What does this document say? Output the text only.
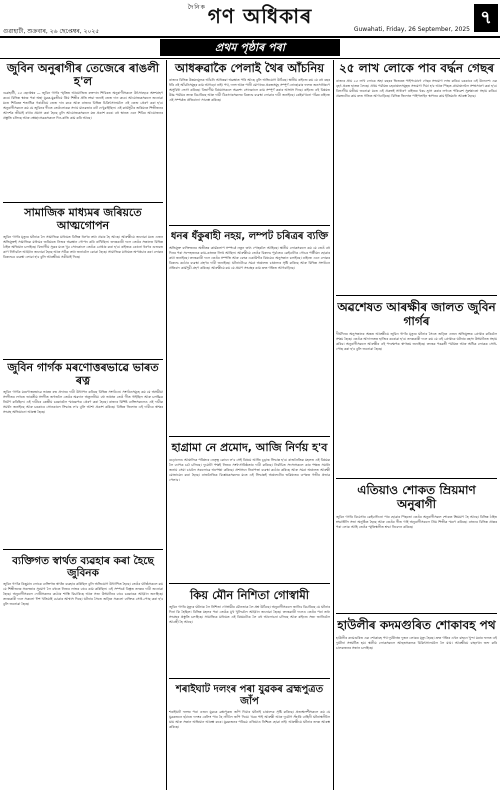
গুৱাহাটী, শুক্ৰবাৰ, ২৬ ছেপ্তেম্বৰ, ২০২৫
$^{দৈনিক}$ গণ অধিকাৰ
Guwahati, Friday, 26 September, 2025
৭
প্ৰথম পৃষ্ঠাৰ পৰা
জুবিন অনুৰাগীৰ তেজেৰে ৰাঙলী হ'ল
গুৱাহাটী, ২৫ ছেপ্তেম্বৰ — জুবিন গাৰ্গৰ স্মৃতিত আয়োজিত ৰক্তদান শিবিৰত অনুৰাগীসকলে উৎসাহেৰে অংশগ্ৰহণ কৰে। বিভিন্ন স্থানৰ পৰা অহা যুৱক-যুৱতীয়ে প্ৰিয় শিল্পীৰ প্ৰতি শ্ৰদ্ধা জনাই তেজ দান কৰে। আয়োজকসকলে জনোৱা মতে শিবিৰত শতাধিক গৰাকীয়ে তেজ দান কৰে আৰু ৰাজ্যৰ বিভিন্ন চিকিৎসালয়লৈ এই তেজ প্ৰেৰণ কৰা হ'ব। অনুৰাগীসকলে কয় যে জুবিনৰ গীতে তেওঁলোকক সদায় মানৱতাৰ বাট দেখুৱাইছিল। এই কাৰ্যসূচীৰ জৰিয়তে শিল্পীজনৰ আদৰ্শক জীয়াই ৰখাৰ প্ৰয়াস কৰা হৈছে বুলি আয়োজকসকলে মত প্ৰকাশ কৰে। বহু স্থানত এনে শিবিৰ আয়োজনৰ প্ৰস্তুতি চলিছে আৰু স্বেচ্ছাসেৱকসকলে দিন-ৰাতি কাম কৰি আছে।
সামাজিক মাধ্যমৰ জৰিয়তে আত্মগোপন
জুবিন গাৰ্গৰ মৃত্যুৰ ঘটনাক লৈ সামাজিক মাধ্যমত বিভিন্ন ধৰণৰ তথ্য প্ৰচাৰ হৈ আছে। আৰক্ষীয়ে জনোৱা মতে এজন অভিযুক্তই সামাজিক মাধ্যমৰ জৰিয়তে নিজৰ অৱস্থান গোপন কৰি ৰাখিছিল। তদন্তকাৰী দলে তেওঁৰ সন্ধানত বিভিন্ন ঠাইত অভিযান চলাইছে। বিভাগীয় সূত্ৰৰ মতে খুব সোনকালে তেওঁক গ্ৰেপ্তাৰ কৰা হ'ব। ৰাইজক কোনো ধৰণৰ গুজবত কাণ নিদিবলৈ আহ্বান জনোৱা হৈছে আৰু সঠিক তথ্য জনাবলৈ কোৱা হৈছে। সামাজিক মাধ্যমত অপপ্ৰচাৰ কৰা লোকৰ বিৰুদ্ধেও ব্যৱস্থা লোৱা হ'ব বুলি আৰক্ষীয়ে সকীয়াই দিছে।
জুবিন গাৰ্গক মৰণোত্তৰভাৱে ভাৰত ৰত্ন
জুবিন গাৰ্গক মৰণোত্তৰভাৱে ভাৰত ৰত্ন প্ৰদানৰ দাবী উত্থাপন কৰিছে বিভিন্ন সংগঠনে। সংগঠনসমূহে কয় যে অসমীয়া সংগীতৰ লগতে ভাৰতীয় সংগীত জগতলৈ তেওঁৰ অৱদান অতুলনীয়। বহু ভাষাত তেওঁ গীত গাইছিল আৰু চলচ্চিত্ৰ নিৰ্মাণ কৰিছিল। এই দাবীৰে কেন্দ্ৰীয় চৰকাৰলৈ স্মাৰকপত্ৰ প্ৰেৰণ কৰা হৈছে। ৰাজ্যৰ বিশিষ্ট ব্যক্তিসকলেও এই দাবীক সমৰ্থন জনাইছে আৰু চৰকাৰে সোনকালে সিদ্ধান্ত ল'ব বুলি আশা প্ৰকাশ কৰিছে। বিভিন্ন জিলাত এই দাবীৰে স্বাক্ষৰ সংগ্ৰহ অভিযানো আৰম্ভ হৈছে।
ব্যক্তিগত স্বাৰ্থত ব্যৱহাৰ কৰা হৈছে জুবিনক
জুবিন গাৰ্গক কিছুমান লোকে ব্যক্তিগত স্বাৰ্থত ব্যৱহাৰ কৰিছিল বুলি অভিযোগ উত্থাপিত হৈছে। তেওঁৰ ঘনিষ্ঠসকলে কয় যে শিল্পীজনৰ সৰলতাৰ সুযোগ লৈ বহুতে নিজৰ লাভৰ বাবে কাম কৰিছিল। এই সম্পৰ্কে বিস্তৃত তদন্তৰ দাবী জনোৱা হৈছে। অনুৰাগীসকলে দোষীসকলৰ কঠোৰ শাস্তি বিচাৰিছে আৰু সত্য উদ্ঘাটনৰ বাবে চৰকাৰক আহ্বান জনাইছে। তদন্তকাৰী দলে সকলো দিশ খতিয়াই চোৱাৰ আশ্বাস দিছে। ঘটনাৰ সৈতে জড়িত সকলো ব্যক্তিক সোধ-পোছ কৰা হ'ব বুলি জনোৱা হৈছে।
আধৰুৱাকৈ পেলাই থৈৰ আঁচনিয়
ৰাজ্যৰ বিভিন্ন উন্নয়নমূলক আঁচনি আধৰুৱা অৱস্থাত পৰি আছে বুলি অভিযোগ উঠিছে। স্থানীয় ৰাইজে কয় যে বহু বছৰ ধৰি এই আঁচনিসমূহৰ কাম আগবঢ়া নাই। পথ, দলং আৰু পানী যোগানৰ প্ৰকল্পসমূহ সম্পূৰ্ণ নোহোৱাৰ ফলত জনসাধাৰণে অসুবিধা ভোগ কৰিছে। বিভাগীয় বিষয়াসকলে অৱশ্যে সোনকালে কাম সম্পূৰ্ণ কৰাৰ আশ্বাস দিছে। ৰাইজে এই বিষয়ত উচ্চ পৰ্যায়ৰ তদন্ত বিচাৰিছে আৰু দায়ী ঠিকাদাৰসকলৰ বিৰুদ্ধে ব্যৱস্থা লোৱাৰ দাবী জনাইছে। কেইবাখনো গাঁৱৰ ৰাইজে এই সম্পৰ্কত প্ৰতিবাদো সাব্যস্ত কৰিছে।
ধনৰ ধঁকুৰাহী নহয়, লম্পট চৰিত্ৰৰ ব্যক্তি
অভিযুক্ত ব্যক্তিজনৰ অতীতৰ কাৰ্যকলাপ সম্পৰ্কে নতুন তথ্য পোহৰলৈ আহিছে। স্থানীয় লোকসকলে কয় যে তেওঁ বহু দিনৰ পৰা সন্দেহজনক কাম-কাজত লিপ্ত আছিল। আৰক্ষীয়ে তেওঁৰ বিৰুদ্ধে পূৰ্বতেও কেইবাটাও গোচৰ পঞ্জীয়ন হোৱাৰ কথা জনাইছে। তদন্তকাৰী দলে তেওঁৰ সম্পত্তি আৰু বেংক একাউণ্টৰ বিষয়েও অনুসন্ধান চলাইছে। ৰাইজে এনে লোকৰ বিৰুদ্ধে কঠোৰ ব্যৱস্থা গ্ৰহণৰ দাবী জনাইছে। ঘটনাটোৱে সমগ্ৰ অঞ্চলত চাঞ্চল্যৰ সৃষ্টি কৰিছে আৰু বিভিন্ন সংগঠনে প্ৰতিবাদ কাৰ্যসূচী গ্ৰহণ কৰিছে। আৰক্ষীয়ে কয় যে প্ৰমাণ সংগ্ৰহৰ কাম দ্ৰুত গতিত আগবাঢ়িছে।
হাগ্ৰামা নে প্ৰমোদ, আজি নিৰ্ণয় হ'ব
বড়োলেণ্ড আঞ্চলিক পৰিষদৰ নেতৃত্ব কোনে ল'ব সেই বিষয়ে আজি চূড়ান্ত সিদ্ধান্ত হ'ব। ৰাজনৈতিক মহলত এই বিষয়ক লৈ ব্যাপক চৰ্চা চলিছে। দুয়োটা পক্ষই নিজৰ সংখ্যাগৰিষ্ঠতাৰ দাবী কৰিছে। নিৰ্বাচিত সদস্যসকলে কাৰ পক্ষত সমৰ্থন জনায় সেয়া চাবলৈ সকলোৱে অপেক্ষা কৰিছে। প্ৰশাসনে নিৰাপত্তা ব্যৱস্থা কঠোৰ কৰিছে আৰু সমগ্ৰ অঞ্চলত আৰক্ষী মোতায়েন কৰা হৈছে। ৰাজনৈতিক বিশ্লেষকসকলৰ মতে এই সিদ্ধান্তই অঞ্চলটোৰ ভৱিষ্যতৰ ওপৰত গভীৰ প্ৰভাৱ পেলাব।
কিয় মৌন নিশিতা গোস্বামী
জুবিন গাৰ্গৰ মৃত্যুৰ ঘটনাক লৈ নিশিতা গোস্বামীৰ মৌনতাক লৈ প্ৰশ্ন উঠিছে। অনুৰাগীসকলে জানিব বিচাৰিছে যে ঘটনাৰ দিনা কি হৈছিল। বিভিন্ন মহলৰ পৰা তেওঁক মুখ খুলিবলৈ আহ্বান জনোৱা হৈছে। তদন্তকাৰী দলেও তেওঁৰ পৰা তথ্য সংগ্ৰহৰ প্ৰস্তুতি চলাইছে। সামাজিক মাধ্যমত এই বিষয়টোক লৈ বহু আলোচনা চলিছে আৰু ৰাইজে সত্য জানিবলৈ আগ্ৰহী হৈ আছে।
শৰাইঘাট দলংৰ পৰা যুৱকৰ ব্ৰহ্মপুত্ৰত জাঁপ
শৰাইঘাট দলংৰ পৰা এজন যুৱকে ব্ৰহ্মপুত্ৰত জাঁপ দিয়াৰ ঘটনাই চাঞ্চল্যৰ সৃষ্টি কৰিছে। প্ৰত্যক্ষদৰ্শীসকলে কয় যে যুৱকজনে হঠাতে দলংৰ ৰেলিং পাৰ হৈ নদীলৈ জাঁপ দিয়ে। খবৰ পাই আৰক্ষী আৰু দুৰ্যোগ সঁহাৰি বাহিনী ঘটনাস্থলীলৈ যায় আৰু সন্ধান অভিযান আৰম্ভ কৰে। যুৱকজনৰ পৰিচয় এতিয়াও নিশ্চিত হোৱা নাই। আৰক্ষীয়ে ঘটনাৰ তদন্ত আৰম্ভ কৰিছে।
২৫ লাখ লোকে পাব বৰ্দ্ধন গেছৰ
ৰাজ্যৰ প্ৰায় ২৫ লাখ লোকে অহা বছৰৰ ভিতৰত পাইপযোগে গেছৰ সংযোগ লাভ কৰিব। চৰকাৰে এই উদ্দেশ্যে এক বৃহৎ প্ৰকল্প হাতত লৈছে। প্ৰথম পৰ্যায়ত চহৰাঞ্চলসমূহত সংযোগ দিয়া হ'ব আৰু পিছত গ্ৰামাঞ্চললৈ সম্প্ৰসাৰণ কৰা হ'ব। বিভাগীয় মন্ত্ৰীয়ে জনোৱা মতে এই প্ৰকল্পই সাধাৰণ ৰাইজৰ খৰচ হ্ৰাস কৰাৰ লগতে পৰিৱেশ সুৰক্ষাতো সহায় কৰিব। প্ৰকল্পটোৰ কাম দ্ৰুত গতিত আগবাঢ়িছে। বিভিন্ন জিলাত পাইপলাইন স্থাপনৰ কাম ইতিমধ্যে আৰম্ভ হৈছে।
অৱশেষত আৰক্ষীৰ জালত জুবিন গাৰ্গৰ
দীৰ্ঘদিনৰ অনুসন্ধানৰ অন্তত আৰক্ষীয়ে জুবিন গাৰ্গৰ মৃত্যুৰ ঘটনাৰ সৈতে জড়িত এজন অভিযুক্তক গ্ৰেপ্তাৰ কৰিবলৈ সক্ষম হৈছে। তেওঁক আদালতত হাজিৰ কৰোৱা হ'ব। তদন্তকাৰী দলে কয় যে এই গ্ৰেপ্তাৰে ঘটনাৰ ৰহস্য উদ্ঘাটনত সহায় কৰিব। অনুৰাগীসকলে আৰক্ষীৰ এই পদক্ষেপক স্বাগতম জনাইছে। তদন্তৰ পৰৱৰ্তী পৰ্যায়ত আৰু অধিক লোকক সোধ-পোছ কৰা হ'ব বুলি জনোৱা হৈছে।
এতিয়াও শোকত ম্ৰিয়মাণ অনুৰাগী
জুবিন গাৰ্গৰ বিয়োগৰ কেইবাদিনো পাৰ হোৱাৰ পিছতো তেওঁৰ অনুৰাগীসকল শোকত ম্ৰিয়মাণ হৈ আছে। বিভিন্ন ঠাইত শ্ৰদ্ধাঞ্জলি সভা অনুষ্ঠিত হৈছে আৰু তেওঁৰ গীত গাই অনুৰাগীসকলে প্ৰিয় শিল্পীক স্মৰণ কৰিছে। ৰাজ্যৰ বিভিন্ন প্ৰান্তৰ পৰা লোক আহি তেওঁৰ স্মৃতিস্থলীত শ্ৰদ্ধা নিবেদন কৰিছে।
হাউলীৰ কদমগুৰিত শোকাবহ পথ
হাউলীৰ কদমগুৰিত এক শোকাবহ পথ দুৰ্ঘটনাত দুজন লোকৰ মৃত্যু হৈছে। দ্ৰুত গতিৰ এখন বাহনে খুন্দা মৰাৰ ফলত এই দুৰ্ঘটনা সংঘটিত হয়। স্থানীয় লোকসকলে আহতসকলক চিকিৎসালয়লৈ লৈ যায়। আৰক্ষীয়ে বাহনখন জব্দ কৰি চালকজনৰ সন্ধান চলাইছে।
